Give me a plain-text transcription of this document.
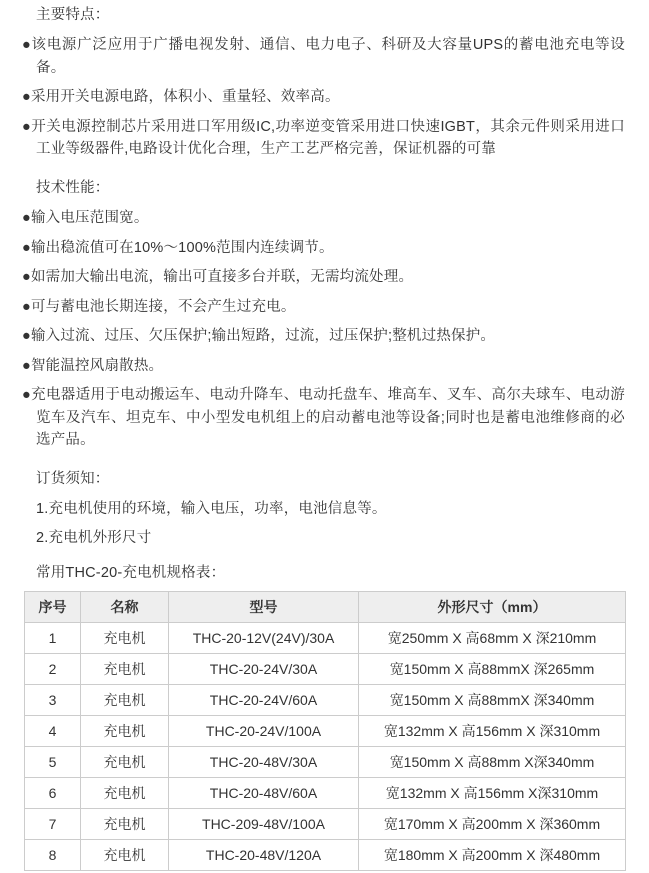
主要特点：
●该电源广泛应用于广播电视发射、通信、电力电子、科研及大容量UPS的蓄电池充电等设备。
●采用开关电源电路，体积小、重量轻、效率高。
●开关电源控制芯片采用进口军用级IC,功率逆变管采用进口快速IGBT，其余元件则采用进口工业等级器件,电路设计优化合理，生产工艺严格完善，保证机器的可靠
技术性能：
●输入电压范围宽。
●输出稳流值可在10%～100%范围内连续调节。
●如需加大输出电流，输出可直接多台并联，无需均流处理。
●可与蓄电池长期连接，不会产生过充电。
●输入过流、过压、欠压保护;输出短路，过流，过压保护;整机过热保护。
●智能温控风扇散热。
●充电器适用于电动搬运车、电动升降车、电动托盘车、堆高车、叉车、高尔夫球车、电动游览车及汽车、坦克车、中小型发电机组上的启动蓄电池等设备;同时也是蓄电池维修商的必选产品。
订货须知：
1.充电机使用的环境，输入电压，功率，电池信息等。
2.充电机外形尺寸
常用THC-20-充电机规格表：
序号	名称	型号	外形尺寸（mm）
1	充电机	THC-20-12V(24V)/30A	宽250mm X 高68mm X 深210mm
2	充电机	THC-20-24V/30A	宽150mm X 高88mmX 深265mm
3	充电机	THC-20-24V/60A	宽150mm X 高88mmX 深340mm
4	充电机	THC-20-24V/100A	宽132mm X 高156mm X 深310mm
5	充电机	THC-20-48V/30A	宽150mm X 高88mm X深340mm
6	充电机	THC-20-48V/60A	宽132mm X 高156mm X深310mm
7	充电机	THC-209-48V/100A	宽170mm X 高200mm X 深360mm
8	充电机	THC-20-48V/120A	宽180mm X 高200mm X 深480mm
